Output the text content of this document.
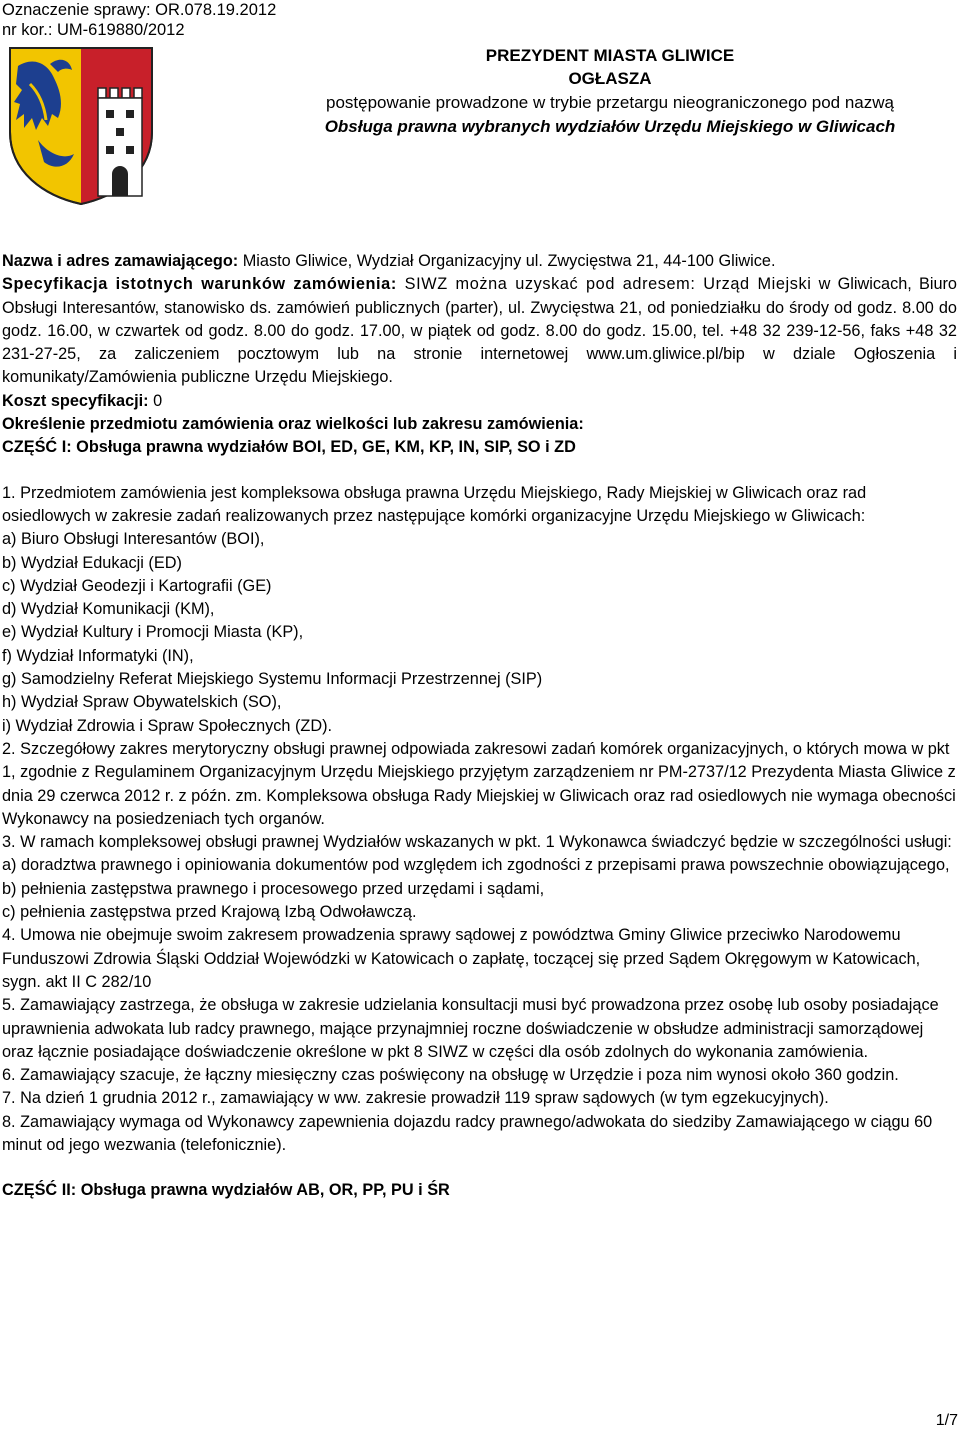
Oznaczenie sprawy: OR.078.19.2012
nr kor.: UM-619880/2012
PREZYDENT MIASTA GLIWICE
OGŁASZA
postępowanie prowadzone w trybie przetargu nieograniczonego pod nazwą
Obsługa prawna wybranych wydziałów Urzędu Miejskiego w Gliwicach

Nazwa i adres zamawiającego: Miasto Gliwice, Wydział Organizacyjny ul. Zwycięstwa 21, 44-100 Gliwice.

Specyfikacja istotnych warunków zamówienia: SIWZ można uzyskać pod adresem: Urząd Miejski w Gliwicach, Biuro Obsługi Interesantów, stanowisko ds. zamówień publicznych (parter), ul. Zwycięstwa 21, od poniedziałku do środy od godz. 8.00 do godz. 16.00, w czwartek od godz. 8.00 do godz. 17.00, w piątek od godz. 8.00 do godz. 15.00, tel. +48 32 239-12-56, faks +48 32 231-27-25, za zaliczeniem pocztowym lub na stronie internetowej www.um.gliwice.pl/bip w dziale Ogłoszenia i komunikaty/Zamówienia publiczne Urzędu Miejskiego.

Koszt specyfikacji: 0

Określenie przedmiotu zamówienia oraz wielkości lub zakresu zamówienia:

CZĘŚĆ I: Obsługa prawna wydziałów BOI, ED, GE, KM, KP, IN, SIP, SO i ZD

1. Przedmiotem zamówienia jest kompleksowa obsługa prawna Urzędu Miejskiego, Rady Miejskiej w Gliwicach oraz rad osiedlowych w zakresie zadań realizowanych przez następujące komórki organizacyjne Urzędu Miejskiego w Gliwicach:

a) Biuro Obsługi Interesantów (BOI),

b) Wydział Edukacji (ED)

c) Wydział Geodezji i Kartografii (GE)

d) Wydział Komunikacji (KM),

e) Wydział Kultury i Promocji Miasta (KP),

f) Wydział Informatyki (IN),

g) Samodzielny Referat Miejskiego Systemu Informacji Przestrzennej (SIP)

h) Wydział Spraw Obywatelskich (SO),

i) Wydział Zdrowia i Spraw Społecznych (ZD).

2. Szczegółowy zakres merytoryczny obsługi prawnej odpowiada zakresowi zadań komórek organizacyjnych, o których mowa w pkt 1, zgodnie z Regulaminem Organizacyjnym Urzędu Miejskiego przyjętym zarządzeniem nr PM-2737/12 Prezydenta Miasta Gliwice z dnia 29 czerwca 2012 r. z późn. zm. Kompleksowa obsługa Rady Miejskiej w Gliwicach oraz rad osiedlowych nie wymaga obecności Wykonawcy na posiedzeniach tych organów.

3. W ramach kompleksowej obsługi prawnej Wydziałów wskazanych w pkt. 1 Wykonawca świadczyć będzie w szczególności usługi:

a) doradztwa prawnego i opiniowania dokumentów pod względem ich zgodności z przepisami prawa powszechnie obowiązującego,

b) pełnienia zastępstwa prawnego i procesowego przed urzędami i sądami,

c) pełnienia zastępstwa przed Krajową Izbą Odwoławczą.

4. Umowa nie obejmuje swoim zakresem prowadzenia sprawy sądowej z powództwa Gminy Gliwice przeciwko Narodowemu Funduszowi Zdrowia Śląski Oddział Wojewódzki w Katowicach o zapłatę, toczącej się przed Sądem Okręgowym w Katowicach, sygn. akt II C 282/10

5. Zamawiający zastrzega, że obsługa w zakresie udzielania konsultacji musi być prowadzona przez osobę lub osoby posiadające uprawnienia adwokata lub radcy prawnego, mające przynajmniej roczne doświadczenie w obsłudze administracji samorządowej oraz łącznie posiadające doświadczenie określone w pkt 8 SIWZ w części dla osób zdolnych do wykonania zamówienia.

6. Zamawiający szacuje, że łączny miesięczny czas poświęcony na obsługę w Urzędzie i poza nim wynosi około 360 godzin.

7. Na dzień 1 grudnia 2012 r., zamawiający w ww. zakresie prowadził 119 spraw sądowych (w tym egzekucyjnych).

8. Zamawiający wymaga od Wykonawcy zapewnienia dojazdu radcy prawnego/adwokata do siedziby Zamawiającego w ciągu 60 minut od jego wezwania (telefonicznie).

CZĘŚĆ II: Obsługa prawna wydziałów AB, OR, PP, PU i ŚR

1/7
